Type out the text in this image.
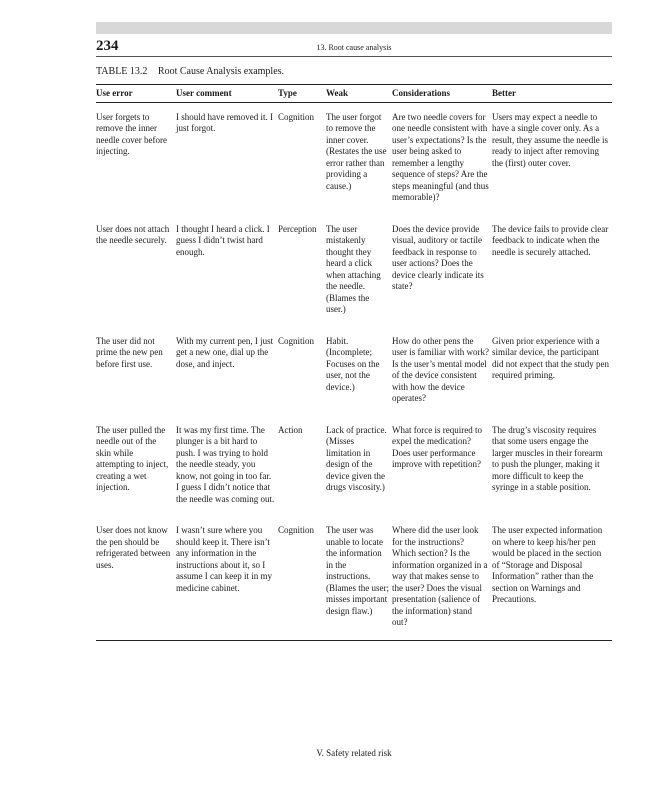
234	13. Root cause analysis
TABLE 13.2 Root Cause Analysis examples.
Use error	User comment	Type	Weak	Considerations	Better
User forgets to remove the inner needle cover before injecting.	I should have removed it. I just forgot.	Cognition	The user forgot to remove the inner cover. (Restates the use error rather than providing a cause.)	Are two needle covers for one needle consistent with user’s expectations? Is the user being asked to remember a lengthy sequence of steps? Are the steps meaningful (and thus memorable)?	Users may expect a needle to have a single cover only. As a result, they assume the needle is ready to inject after removing the (first) outer cover.
User does not attach the needle securely.	I thought I heard a click. I guess I didn’t twist hard enough.	Perception	The user mistakenly thought they heard a click when attaching the needle. (Blames the user.)	Does the device provide visual, auditory or tactile feedback in response to user actions? Does the device clearly indicate its state?	The device fails to provide clear feedback to indicate when the needle is securely attached.
The user did not prime the new pen before first use.	With my current pen, I just get a new one, dial up the dose, and inject.	Cognition	Habit. (Incomplete; Focuses on the user, not the device.)	How do other pens the user is familiar with work? Is the user’s mental model of the device consistent with how the device operates?	Given prior experience with a similar device, the participant did not expect that the study pen required priming.
The user pulled the needle out of the skin while attempting to inject, creating a wet injection.	It was my first time. The plunger is a bit hard to push. I was trying to hold the needle steady, you know, not going in too far. I guess I didn’t notice that the needle was coming out.	Action	Lack of practice. (Misses limitation in design of the device given the drugs viscosity.)	What force is required to expel the medication? Does user performance improve with repetition?	The drug’s viscosity requires that some users engage the larger muscles in their forearm to push the plunger, making it more difficult to keep the syringe in a stable position.
User does not know the pen should be refrigerated between uses.	I wasn’t sure where you should keep it. There isn’t any information in the instructions about it, so I assume I can keep it in my medicine cabinet.	Cognition	The user was unable to locate the information in the instructions. (Blames the user; misses important design flaw.)	Where did the user look for the instructions? Which section? Is the information organized in a way that makes sense to the user? Does the visual presentation (salience of the information) stand out?	The user expected information on where to keep his/her pen would be placed in the section of “Storage and Disposal Information” rather than the section on Warnings and Precautions.
V. Safety related risk
